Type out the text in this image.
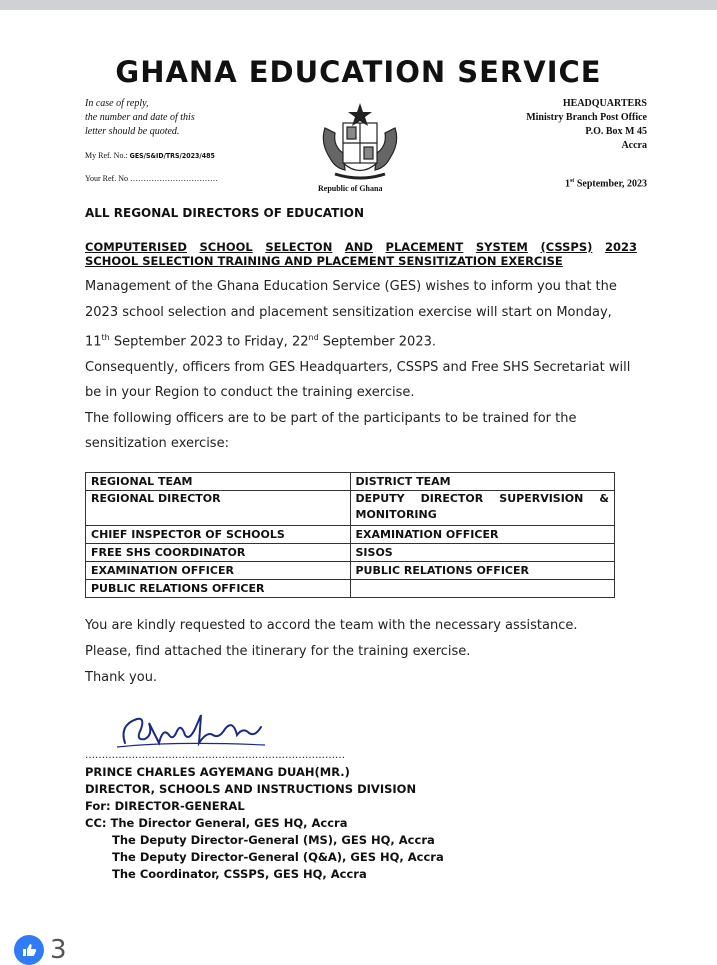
GHANA EDUCATION SERVICE
In case of reply,
the number and date of this
letter should be quoted.
My Ref. No.: GES/S&ID/TRS/2023/485
Your Ref. No ……………………………
Republic of Ghana
HEADQUARTERS
Ministry Branch Post Office
P.O. Box M 45
Accra
1st September, 2023
ALL REGONAL DIRECTORS OF EDUCATION
COMPUTERISED SCHOOL SELECTON AND PLACEMENT SYSTEM (CSSPS) 2023
SCHOOL SELECTION TRAINING AND PLACEMENT SENSITIZATION EXERCISE

Management of the Ghana Education Service (GES) wishes to inform you that the 2023 school selection and placement sensitization exercise will start on Monday, 11th September 2023 to Friday, 22nd September 2023.

Consequently, officers from GES Headquarters, CSSPS and Free SHS Secretariat will be in your Region to conduct the training exercise.

The following officers are to be part of the participants to be trained for the sensitization exercise:

REGIONAL TEAM	DISTRICT TEAM
REGIONAL DIRECTOR	DEPUTY DIRECTOR SUPERVISION & MONITORING
CHIEF INSPECTOR OF SCHOOLS	EXAMINATION OFFICER
FREE SHS COORDINATOR	SISOS
EXAMINATION OFFICER	PUBLIC RELATIONS OFFICER
PUBLIC RELATIONS OFFICER	

You are kindly requested to accord the team with the necessary assistance.

Please, find attached the itinerary for the training exercise.

Thank you.

……………………………………………………………………
PRINCE CHARLES AGYEMANG DUAH(MR.)
DIRECTOR, SCHOOLS AND INSTRUCTIONS DIVISION
For: DIRECTOR-GENERAL
CC: The Director General, GES HQ, Accra
The Deputy Director-General (MS), GES HQ, Accra
The Deputy Director-General (Q&A), GES HQ, Accra
The Coordinator, CSSPS, GES HQ, Accra
3
